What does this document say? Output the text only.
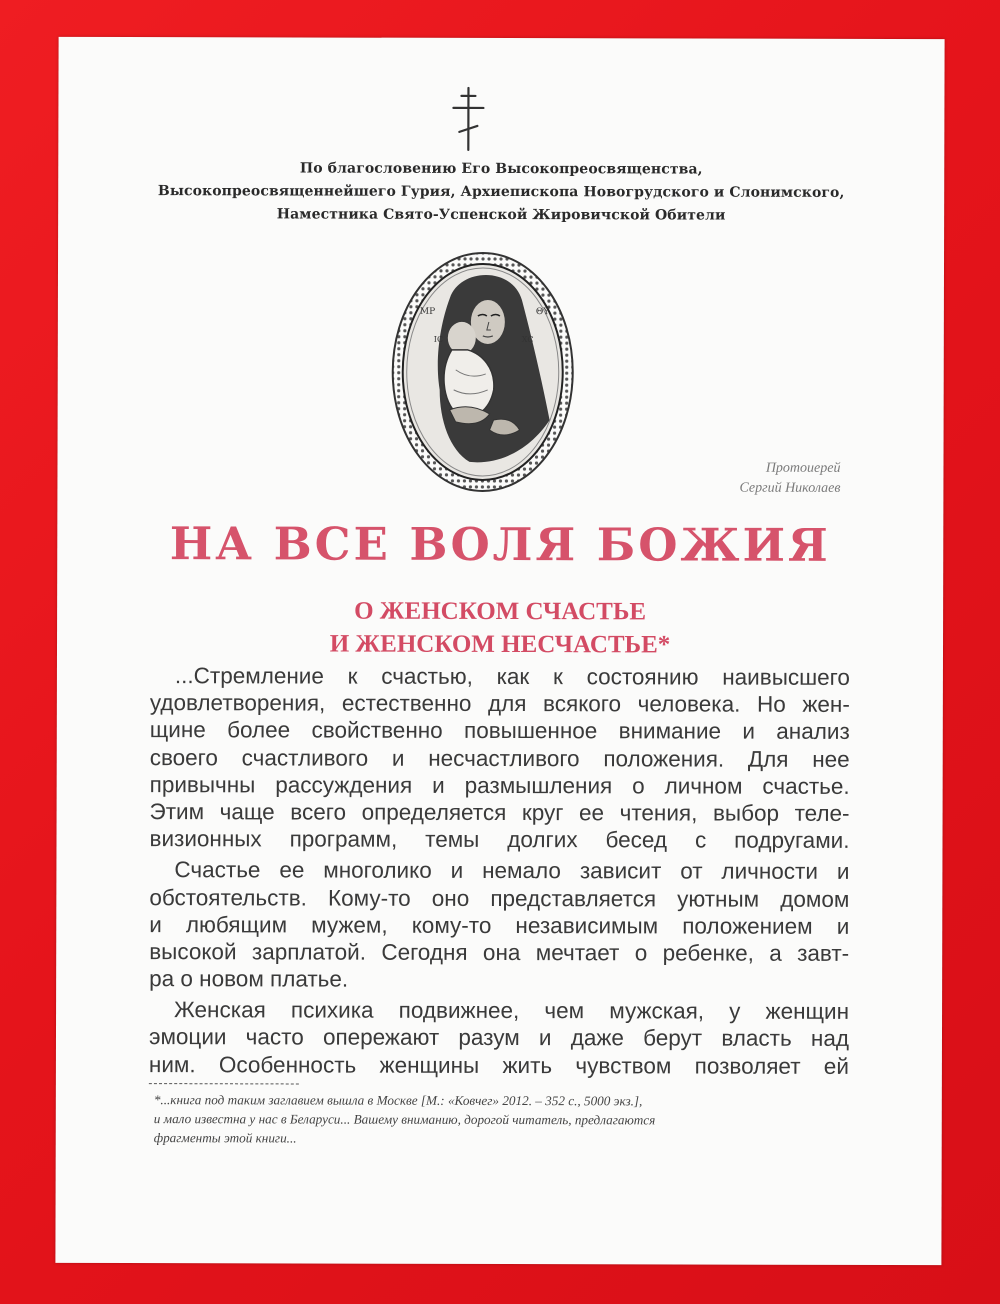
По благословению Его Высокопреосвященства,
Высокопреосвященнейшего Гурия, Архиепископа Новогрудского и Слонимского,
Наместника Свято-Успенской Жировичской Обители
MP	ΘY
IC	XC
Протоиерей
Сергий Николаев
НА ВСЕ ВОЛЯ БОЖИЯ
О ЖЕНСКОМ СЧАСТЬЕ
И ЖЕНСКОМ НЕСЧАСТЬЕ*

...Стремление к счастью, как к состоянию наивысшего
удовлетворения, естественно для всякого человека. Но жен-
щине более свойственно повышенное внимание и анализ
своего счастливого и несчастливого положения. Для нее
привычны рассуждения и размышления о личном счастье.
Этим чаще всего определяется круг ее чтения, выбор теле-
визионных программ, темы долгих бесед с подругами.

Счастье ее многолико и немало зависит от личности и
обстоятельств. Кому-то оно представляется уютным домом
и любящим мужем, кому-то независимым положением и
высокой зарплатой. Сегодня она мечтает о ребенке, а завт-
ра о новом платье.

Женская психика подвижнее, чем мужская, у женщин
эмоции часто опережают разум и даже берут власть над
ним. Особенность женщины жить чувством позволяет ей

*...книга под таким заглавием вышла в Москве [М.: «Ковчег» 2012. – 352 с., 5000 экз.],
и мало известна у нас в Беларуси... Вашему вниманию, дорогой читатель, предлагаются
фрагменты этой книги...
